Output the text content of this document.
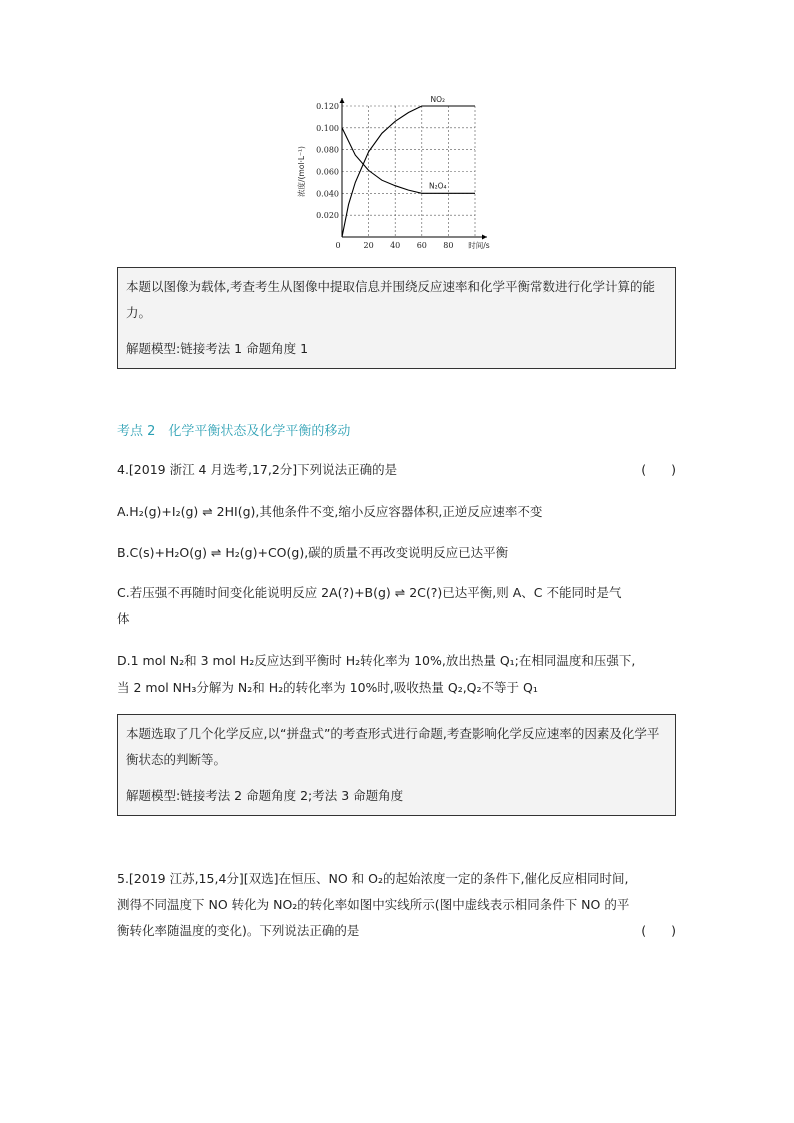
0.020
0.040
0.060
0.080
0.100
0.120
0	20 40 60 80 时间/s
浓度/(mol·L⁻¹)
NO₂
N₂O₄

本题以图像为载体,考查考生从图像中提取信息并围绕反应速率和化学平衡常数进行化学计算的能力。

解题模型:链接考法 1 命题角度 1

考点 2　化学平衡状态及化学平衡的移动
4.[2019 浙江 4 月选考,17,2分]下列说法正确的是	(　　)
A.H₂(g)+I₂(g) ⇌ 2HI(g),其他条件不变,缩小反应容器体积,正逆反应速率不变
B.C(s)+H₂O(g) ⇌ H₂(g)+CO(g),碳的质量不再改变说明反应已达平衡
C.若压强不再随时间变化能说明反应 2A(?)+B(g) ⇌ 2C(?)已达平衡,则 A、C 不能同时是气
体
D.1 mol N₂和 3 mol H₂反应达到平衡时 H₂转化率为 10%,放出热量 Q₁;在相同温度和压强下,
当 2 mol NH₃分解为 N₂和 H₂的转化率为 10%时,吸收热量 Q₂,Q₂不等于 Q₁

本题选取了几个化学反应,以“拼盘式”的考查形式进行命题,考查影响化学反应速率的因素及化学平衡状态的判断等。

解题模型:链接考法 2 命题角度 2;考法 3 命题角度

5.[2019 江苏,15,4分][双选]在恒压、NO 和 O₂的起始浓度一定的条件下,催化反应相同时间,
测得不同温度下 NO 转化为 NO₂的转化率如图中实线所示(图中虚线表示相同条件下 NO 的平
衡转化率随温度的变化)。下列说法正确的是	(　　)
